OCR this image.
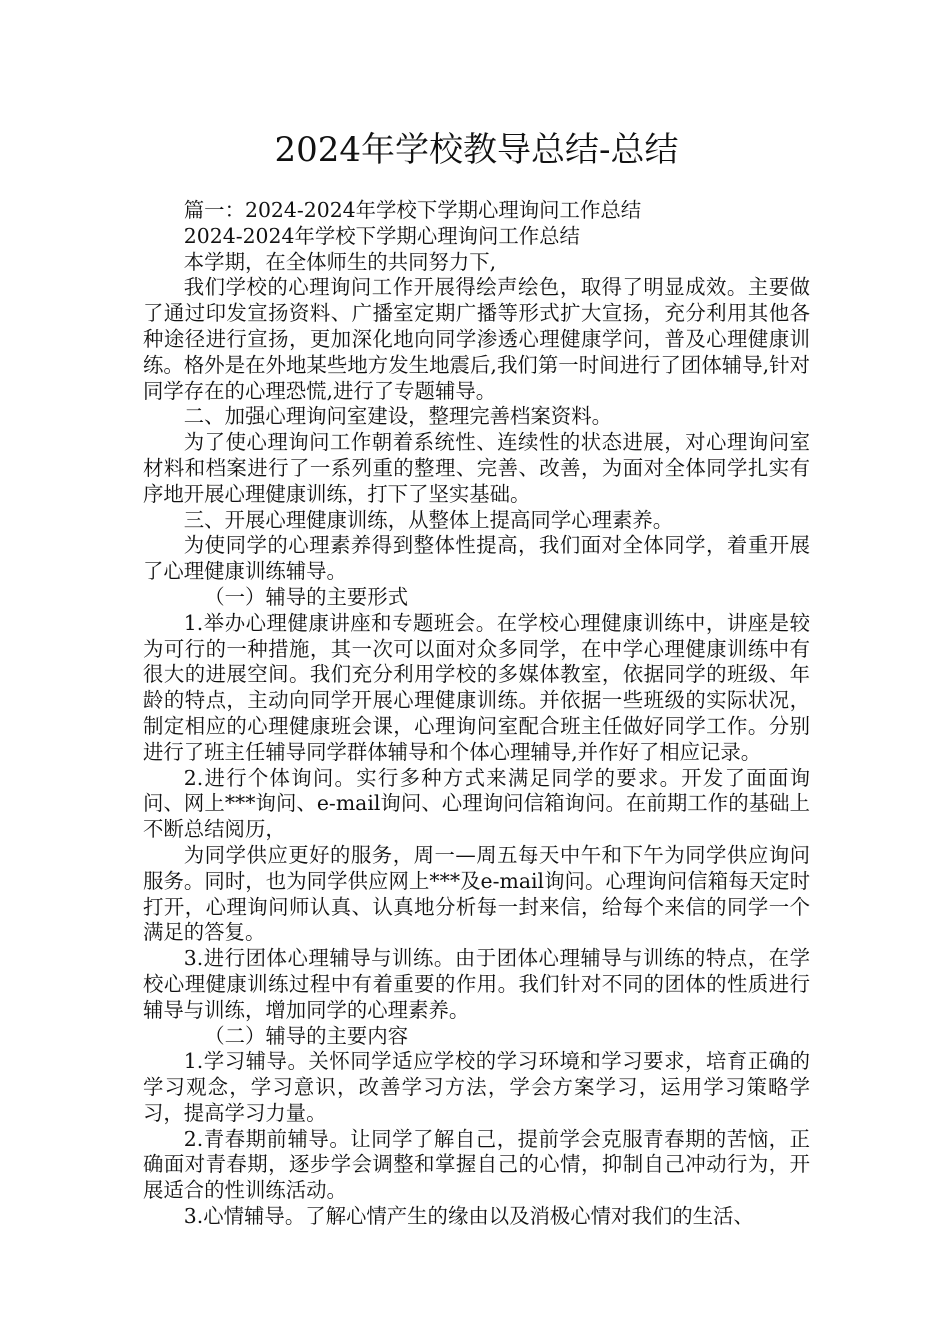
2024年学校教导总结-总结

篇一：2024-2024年学校下学期心理询问工作总结

2024-2024年学校下学期心理询问工作总结

本学期，在全体师生的共同努力下,

我们学校的心理询问工作开展得绘声绘色，取得了明显成效。主要做了通过印发宣扬资料、广播室定期广播等形式扩大宣扬，充分利用其他各种途径进行宣扬，更加深化地向同学渗透心理健康学问，普及心理健康训练。格外是在外地某些地方发生地震后,我们第一时间进行了团体辅导,针对同学存在的心理恐慌,进行了专题辅导。

二、加强心理询问室建设，整理完善档案资料。

为了使心理询问工作朝着系统性、连续性的状态进展，对心理询问室材料和档案进行了一系列重的整理、完善、改善，为面对全体同学扎实有序地开展心理健康训练，打下了坚实基础。

三、开展心理健康训练，从整体上提高同学心理素养。

为使同学的心理素养得到整体性提高，我们面对全体同学，着重开展了心理健康训练辅导。

（一）辅导的主要形式

1.举办心理健康讲座和专题班会。在学校心理健康训练中，讲座是较为可行的一种措施，其一次可以面对众多同学，在中学心理健康训练中有很大的进展空间。我们充分利用学校的多媒体教室，依据同学的班级、年龄的特点，主动向同学开展心理健康训练。并依据一些班级的实际状况，制定相应的心理健康班会课，心理询问室配合班主任做好同学工作。分别进行了班主任辅导同学群体辅导和个体心理辅导,并作好了相应记录。

2.进行个体询问。实行多种方式来满足同学的要求。开发了面面询问、网上***询问、e-mail询问、心理询问信箱询问。在前期工作的基础上不断总结阅历，

为同学供应更好的服务，周一—周五每天中午和下午为同学供应询问服务。同时，也为同学供应网上***及e-mail询问。心理询问信箱每天定时打开，心理询问师认真、认真地分析每一封来信，给每个来信的同学一个满足的答复。

3.进行团体心理辅导与训练。由于团体心理辅导与训练的特点，在学校心理健康训练过程中有着重要的作用。我们针对不同的团体的性质进行辅导与训练，增加同学的心理素养。

（二）辅导的主要内容

1.学习辅导。关怀同学适应学校的学习环境和学习要求，培育正确的学习观念，学习意识，改善学习方法，学会方案学习，运用学习策略学习，提高学习力量。

2.青春期前辅导。让同学了解自己，提前学会克服青春期的苦恼，正确面对青春期，逐步学会调整和掌握自己的心情，抑制自己冲动行为，开展适合的性训练活动。

3.心情辅导。了解心情产生的缘由以及消极心情对我们的生活、
